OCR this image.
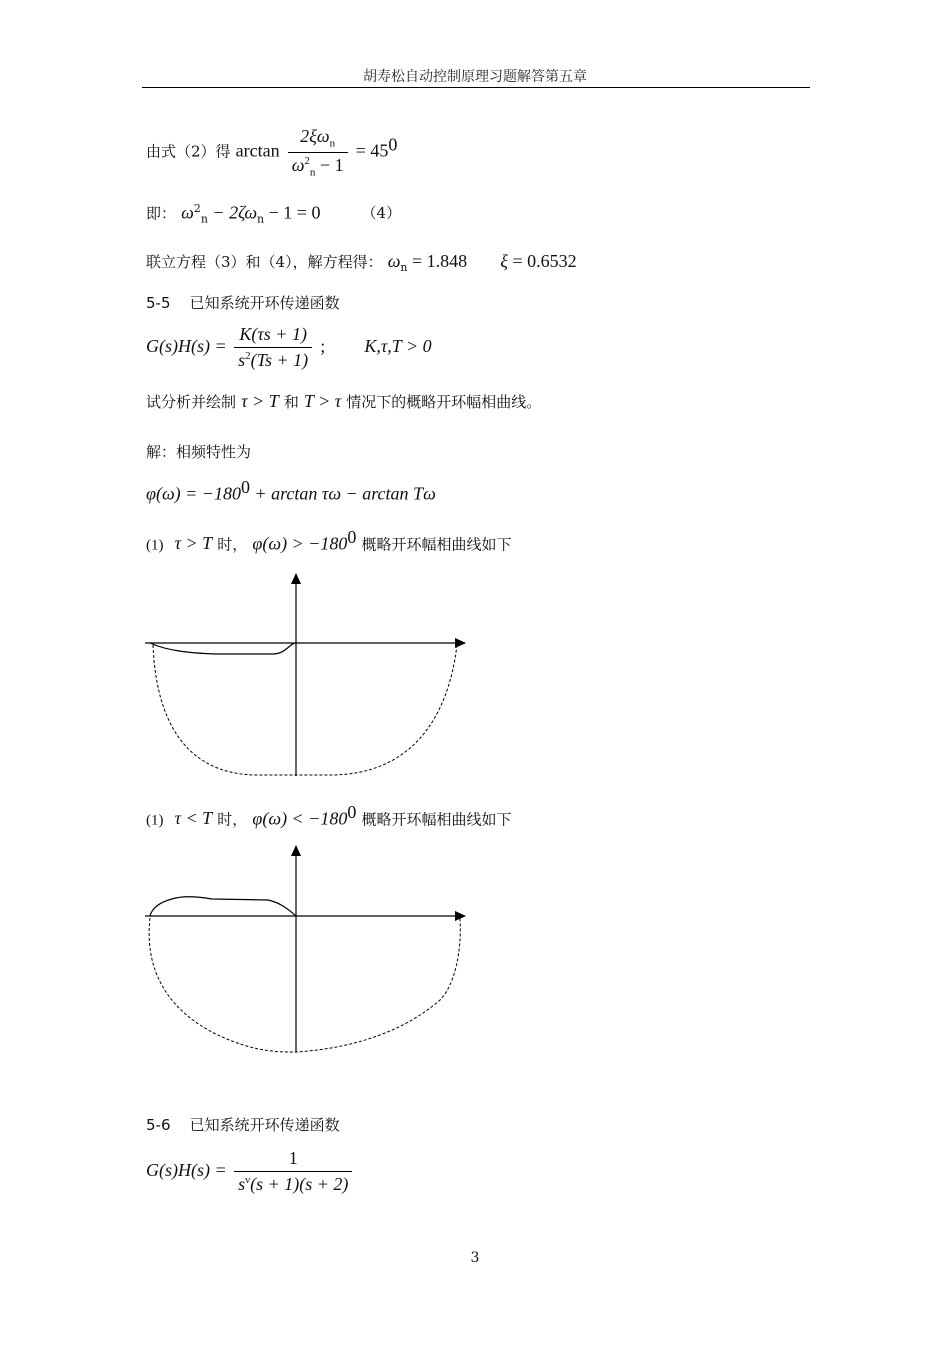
胡寿松自动控制原理习题解答第五章
由式（2）得 $\arctan \frac{2\xi\omega_n}{\omega^2_n - 1} = 45^0$
即： $\omega^2_n - 2\zeta\omega_n - 1 = 0$	（4）
联立方程（3）和（4），解方程得： $\omega_n = 1.848$ ξ = 0.6532
5-5 已知系统开环传递函数
$G(s)H(s) = \frac{K(\tau s + 1)}{s^2(Ts + 1)}$ ; K,τ,T > 0
试分析并绘制 τ > T 和 T > τ 情况下的概略开环幅相曲线。
解：相频特性为
$\varphi(\omega) = -180^0 + \arctan \tau\omega - \arctan T\omega$
(1) τ > T 时， $\varphi(\omega) > -180^0$ 概略开环幅相曲线如下
(1) τ < T 时， $\varphi(\omega) < -180^0$ 概略开环幅相曲线如下
5-6 已知系统开环传递函数
$G(s)H(s) = \frac{1}{s^\nu(s + 1)(s + 2)}$
3
